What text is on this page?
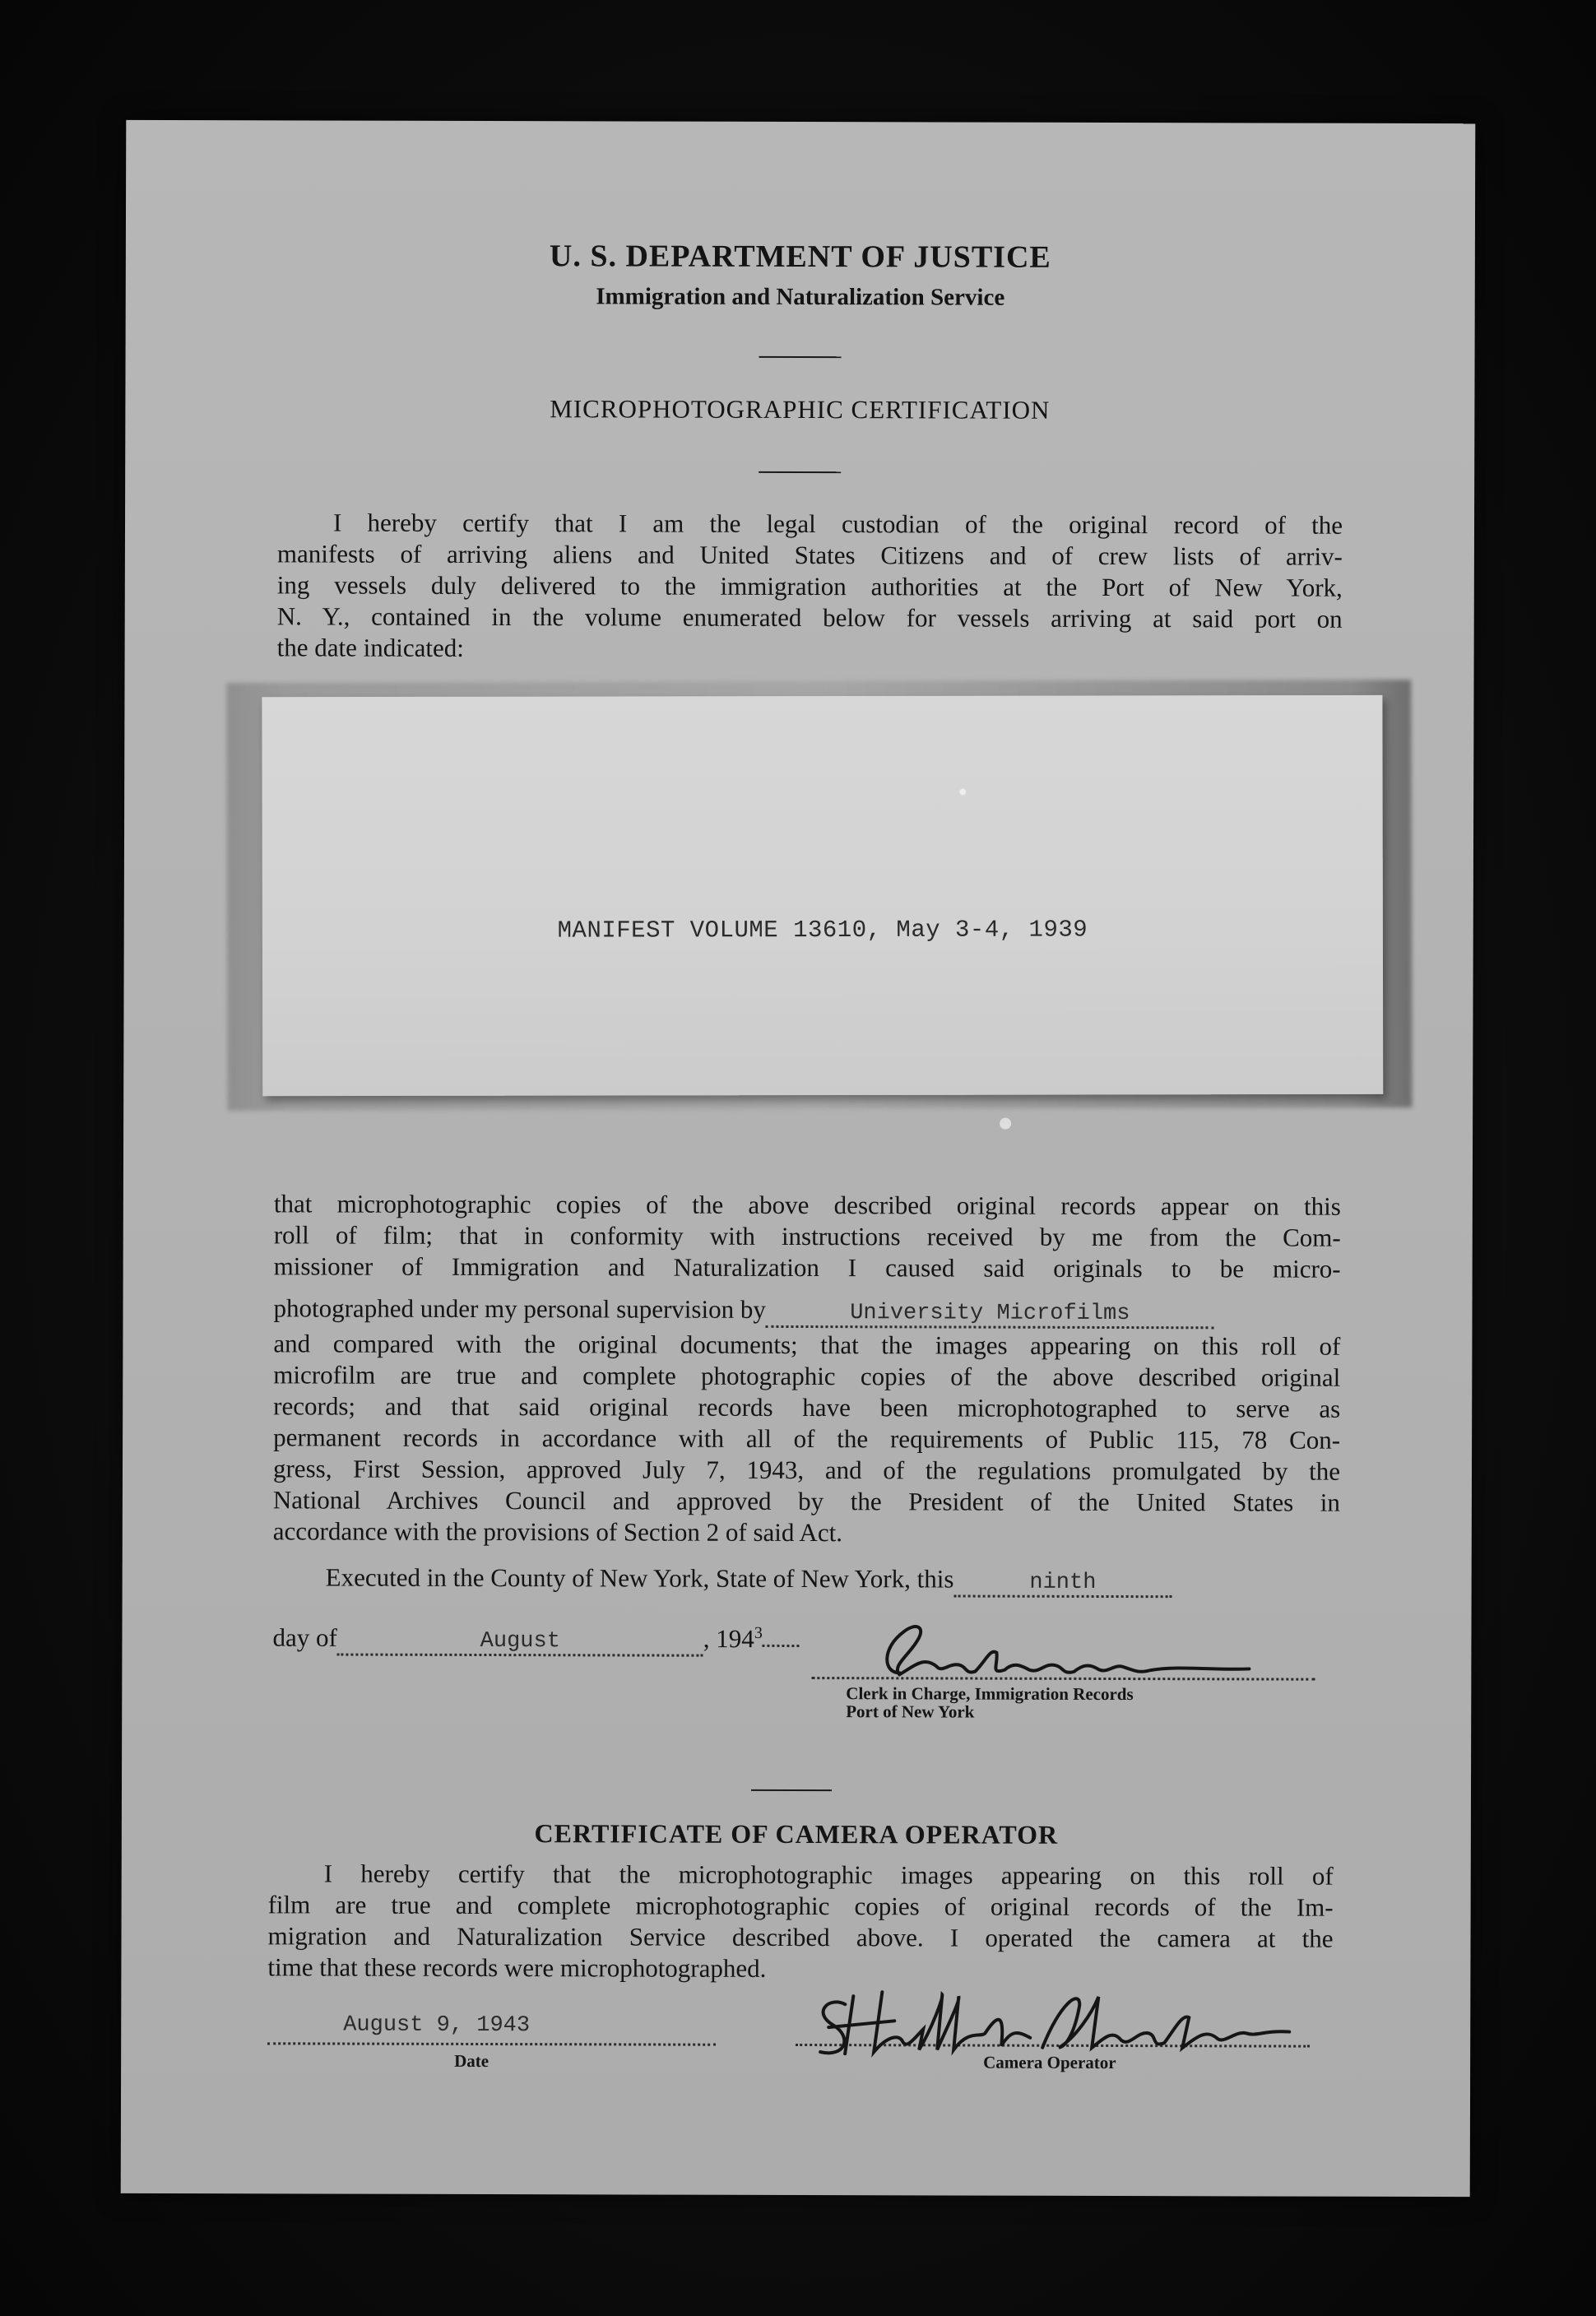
U. S. DEPARTMENT OF JUSTICE
Immigration and Naturalization Service
MICROPHOTOGRAPHIC CERTIFICATION
I hereby certify that I am the legal custodian of the original record of the
manifests of arriving aliens and United States Citizens and of crew lists of arriv-
ing vessels duly delivered to the immigration authorities at the Port of New York,
N. Y., contained in the volume enumerated below for vessels arriving at said port on
the date indicated:
MANIFEST VOLUME 13610, May 3-4, 1939
that microphotographic copies of the above described original records appear on this
roll of film; that in conformity with instructions received by me from the Com-
missioner of Immigration and Naturalization I caused said originals to be micro-
photographed under my personal supervision by	University Microfilms
and compared with the original documents; that the images appearing on this roll of
microfilm are true and complete photographic copies of the above described original
records; and that said original records have been microphotographed to serve as
permanent records in accordance with all of the requirements of Public 115, 78 Con-
gress, First Session, approved July 7, 1943, and of the regulations promulgated by the
National Archives Council and approved by the President of the United States in
accordance with the provisions of Section 2 of said Act.
Executed in the County of New York, State of New York, this	ninth
day of	August	, $194^3$
Clerk in Charge, Immigration Records
Port of New York
CERTIFICATE OF CAMERA OPERATOR
I hereby certify that the microphotographic images appearing on this roll of
film are true and complete microphotographic copies of original records of the Im-
migration and Naturalization Service described above. I operated the camera at the
time that these records were microphotographed.
August 9, 1943
Date	Camera Operator
